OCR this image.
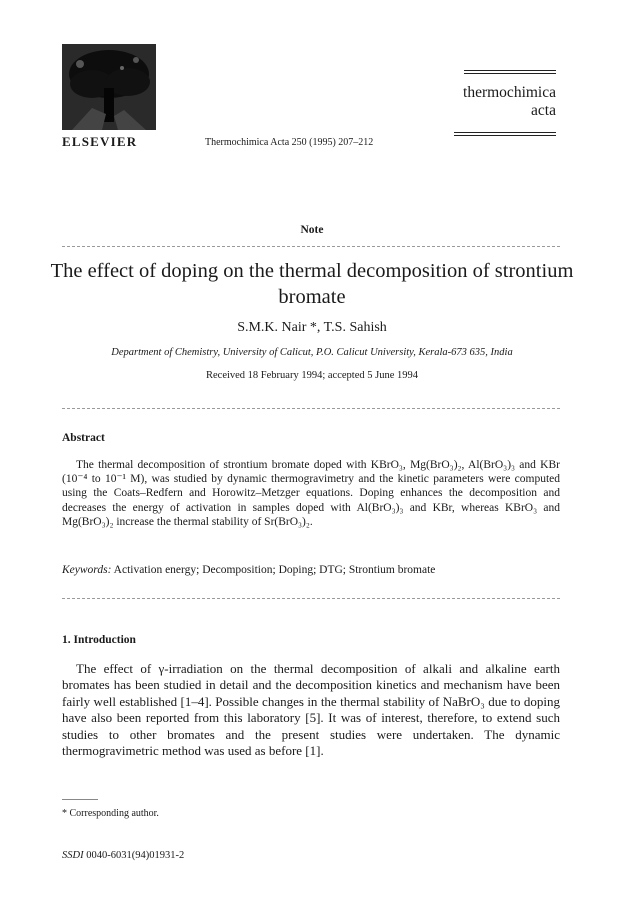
ELSEVIER	Thermochimica Acta 250 (1995) 207–212
thermochimica
acta
Note
The effect of doping on the thermal decomposition of strontium bromate
S.M.K. Nair *, T.S. Sahish
Department of Chemistry, University of Calicut, P.O. Calicut University, Kerala-673 635, India
Received 18 February 1994; accepted 5 June 1994
Abstract

The thermal decomposition of strontium bromate doped with KBrO₃, Mg(BrO₃)₂, Al(BrO₃)₃ and KBr (10⁻⁴ to 10⁻¹ M), was studied by dynamic thermogravimetry and the kinetic parameters were computed using the Coats–Redfern and Horowitz–Metzger equations. Doping enhances the decomposition and decreases the energy of activation in samples doped with Al(BrO₃)₃ and KBr, whereas KBrO₃ and Mg(BrO₃)₂ increase the thermal stability of Sr(BrO₃)₂.

Keywords: Activation energy; Decomposition; Doping; DTG; Strontium bromate
1. Introduction

The effect of γ-irradiation on the thermal decomposition of alkali and alkaline earth bromates has been studied in detail and the decomposition kinetics and mechanism have been fairly well established [1–4]. Possible changes in the thermal stability of NaBrO₃ due to doping have also been reported from this laboratory [5]. It was of interest, therefore, to extend such studies to other bromates and the present studies were undertaken. The dynamic thermogravimetric method was used as before [1].

* Corresponding author.
SSDI 0040-6031(94)01931-2
